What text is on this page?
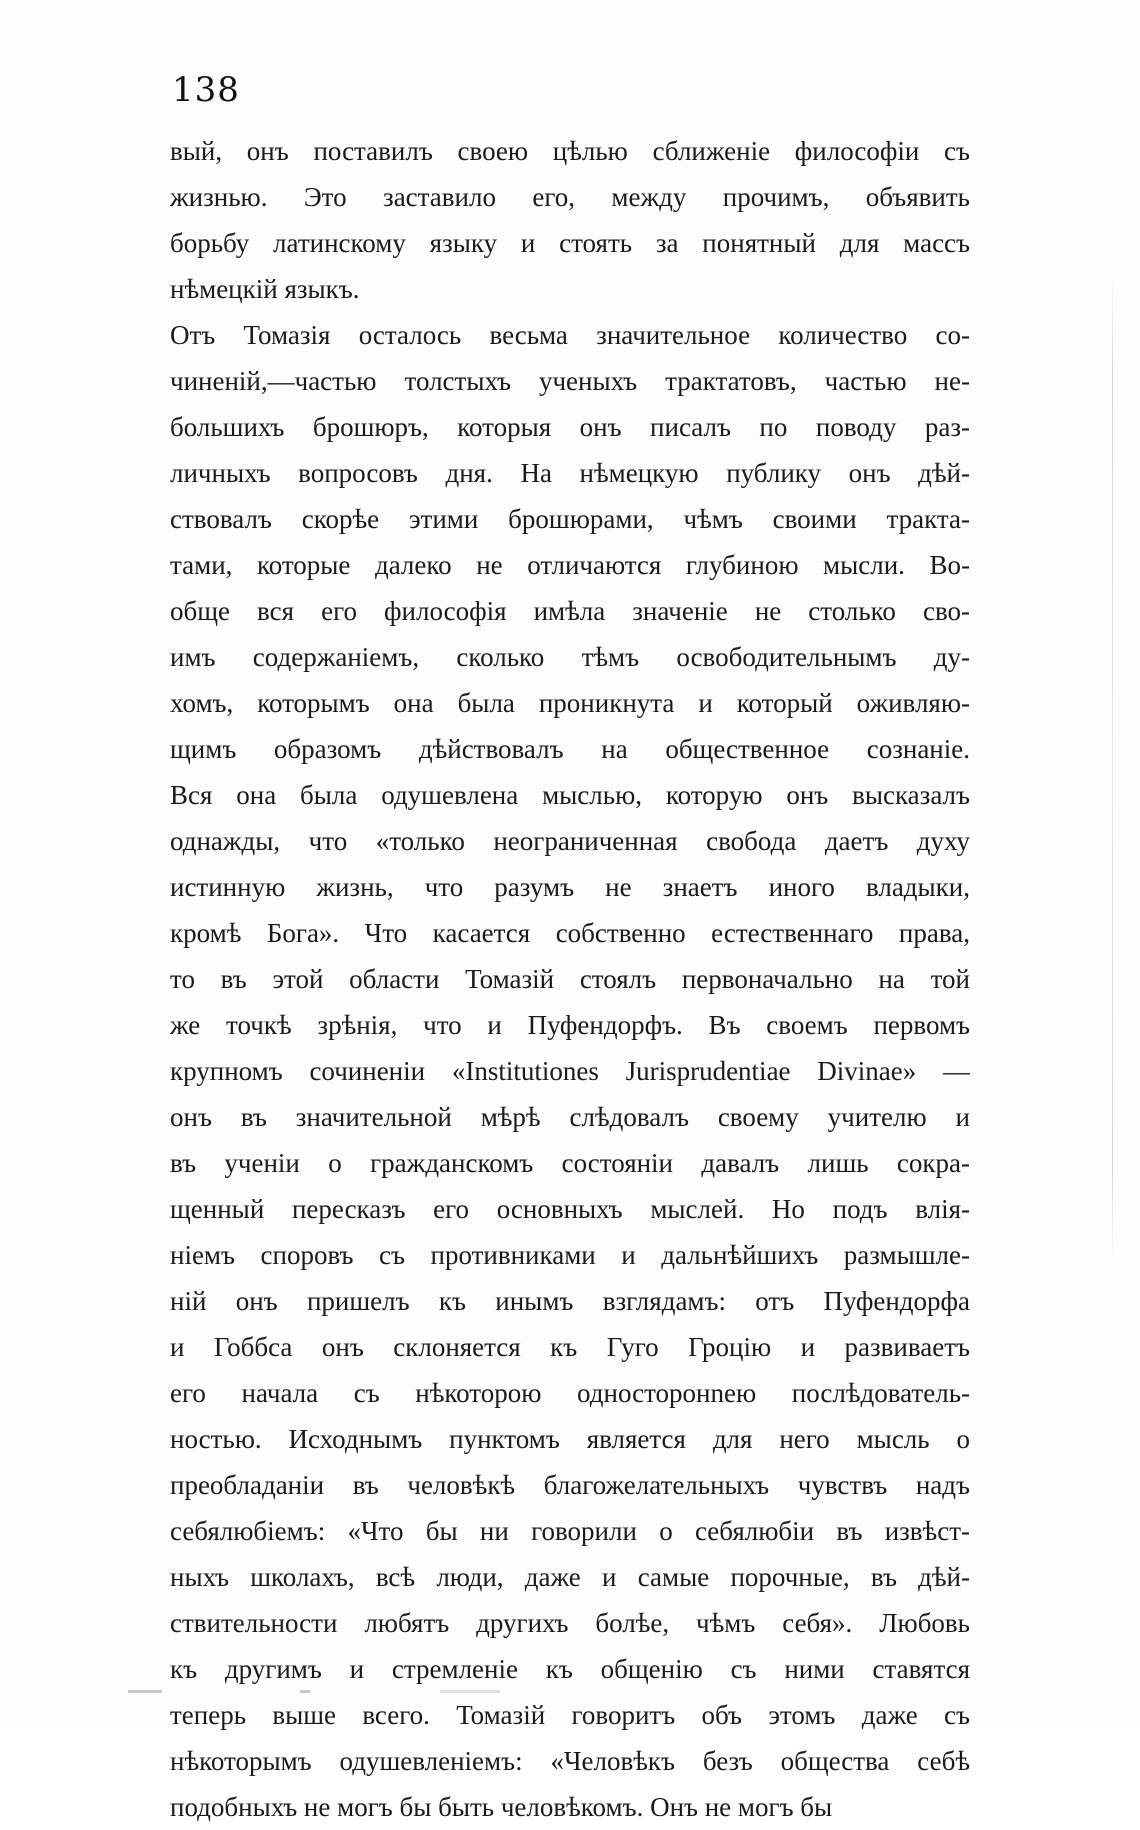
138
вый, онъ поставилъ своею цѣлью сближеніе философіи съ
жизнью. Это заставило его, между прочимъ, объявить
борьбу латинскому языку и стоять за понятный для массъ
нѣмецкій языкъ.
Отъ Томазія осталось весьма значительное количество со-
чиненій,—частью толстыхъ ученыхъ трактатовъ, частью не-
большихъ брошюръ, которыя онъ писалъ по поводу раз-
личныхъ вопросовъ дня. На нѣмецкую публику онъ дѣй-
ствовалъ скорѣе этими брошюрами, чѣмъ своими тракта-
тами, которые далеко не отличаются глубиною мысли. Во-
обще вся его философія имѣла значеніе не столько сво-
имъ содержаніемъ, сколько тѣмъ освободительнымъ ду-
хомъ, которымъ она была проникнута и который оживляю-
щимъ образомъ дѣйствовалъ на общественное сознаніе.
Вся она была одушевлена мыслью, которую онъ высказалъ
однажды, что «только неограниченная свобода даетъ духу
истинную жизнь, что разумъ не знаетъ иного владыки,
кромѣ Бога». Что касается собственно естественнаго права,
то въ этой области Томазій стоялъ первоначально на той
же точкѣ зрѣнія, что и Пуфендорфъ. Въ своемъ первомъ
крупномъ сочиненіи «Institutiones Jurisprudentiae Divinae» —
онъ въ значительной мѣрѣ слѣдовалъ своему учителю и
въ ученіи о гражданскомъ состояніи давалъ лишь сокра-
щенный пересказъ его основныхъ мыслей. Но подъ влія-
ніемъ споровъ съ противниками и дальнѣйшихъ размышле-
ній онъ пришелъ къ инымъ взглядамъ: отъ Пуфендорфа
и Гоббса онъ склоняется къ Гуго Гроцію и развиваетъ
его начала съ нѣкоторою односторонneю послѣдователь-
ностью. Исходнымъ пунктомъ является для него мысль о
преобладаніи въ человѣкѣ благожелательныхъ чувствъ надъ
себялюбіемъ: «Что бы ни говорили о себялюбіи въ извѣст-
ныхъ школахъ, всѣ люди, даже и самые порочные, въ дѣй-
ствительности любятъ другихъ болѣе, чѣмъ себя». Любовь
къ другимъ и стремленіе къ общенію съ ними ставятся
теперь выше всего. Томазій говоритъ объ этомъ даже съ
нѣкоторымъ одушевленіемъ: «Человѣкъ безъ общества себѣ
подобныхъ не могъ бы быть человѣкомъ. Онъ не могъ бы
